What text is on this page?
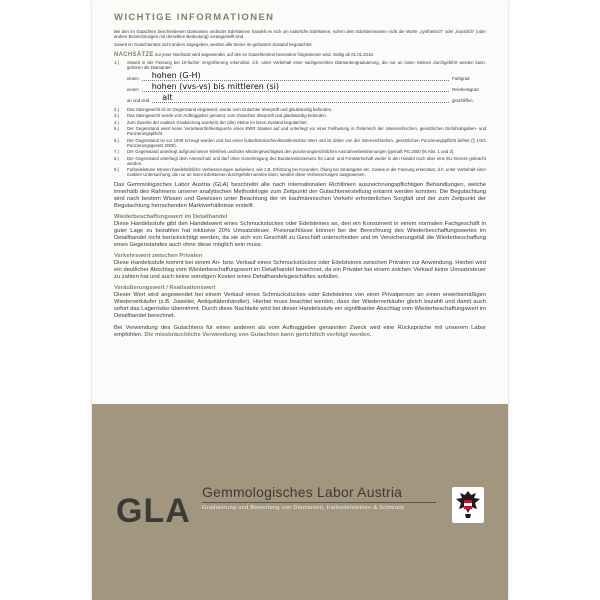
WICHTIGE INFORMATIONEN

Bei den im Gutachten beschriebenen Diamanten und/oder Edelsteinen handelt es sich um natürliche Edelsteine, sofern dem Edelsteinnamen nicht die Worte „synthetisch“ oder „künstlich“ (oder andere Bezeichnungen mit derselben Bedeutung) vorangestellt sind.

Soweit im Gutachtentext nicht anders angegeben, werden alle Steine im gefassten Zustand begutachtet.

NACHSÄTZE nur jener Nachsatz wird angewendet, auf den im Gutachtentext besonders hingewiesen wird. Gültig ab 01.01.2018.
1.)	Soweit in der Fassung bei 10-facher Vergrößerung erkennbar, d.h. unter Vorbehalt einer sachgerechten Diamantengraduierung, die nur an losen Steinen durchgeführt werden kann, gehören die Diamanten
einem hohen (G-H)	Farbgrad
einem hohen (vvs-vs) bis mittleren (si)	Reinheitsgrad
an und sind alt	geschliffen.
2.)	Das Steingewicht ist im Gegenstand eingraviert, wurde vom Gutachter überprüft und glaubwürdig befunden.
3.)	Das Steingewicht wurde vom Auftraggeber genannt, vom Gutachter überprüft und glaubwürdig befunden.
4.)	Zum Zwecke der exakten Graduierung wurde(n) der (die) Steine im losen Zustand begutachtet.
5.)	Der Gegenstand weist keine Verantwortlichkeitspunze eines EWR Staates auf und unterliegt vor einer Feilbietung in Österreich der österreichischen, gesetzlichen Einfuhrabgaben- und Punzierungspflicht.
6.)	Der Gegenstand ist vor 1938 erzeugt worden und hat einen kulturhistorischen/künstlerischen Wert und ist daher von der österreichischen, gesetzlichen Punzierungspflicht befreit (§ 1/3/1 Punzierungsgesetz 2000).
7.)	Der Gegenstand unterliegt aufgrund seiner Kleinheit und/oder Mindergewichtigkeit den punzierungsrechtlichen Ausnahmebestimmungen (gemäß PG 2000 §6 Abs. 1 und 2).
8.)	Der Gegenstand unterliegt dem Artenschutz und darf ohne Genehmigung des Bundesministeriums für Land- und Forstwirtschaft weder in den Handel noch über eine EU-Grenze gebracht werden.
9.)	Farbedelsteine können handelsübliche Verbesserungen aufweisen, wie z.B. Erhitzung bei Korunden, Ölung bei Smaragden etc. Soweit in der Fassung erkennbar, d.h. unter Vorbehalt einer exakten Untersuchung, die nur an losen Edelsteinen durchgeführt werden kann, werden diese Verbesserungen ausgewiesen.

Das Gemmologisches Labor Austria (GLA) beschreibt alle nach internationalen Richtlinien auszeichnungspflichtigen Behandlungen, welche innerhalb des Rahmens unserer analytischen Methodologie zum Zeitpunkt der Gutachtenerstellung erkannt werden konnten. Die Begutachtung wird nach bestem Wissen und Gewissen unter Beachtung der im kaufmännischen Verkehr erforderlichen Sorgfalt und der zum Zeitpunkt der Begutachtung herrschenden Marktverhältnisse erstellt.

Wiederbeschaffungswert im Detailhandel

Diese Handelsstufe gibt den Handelswert eines Schmuckstückes oder Edelsteines an, den ein Konsument in einem normalen Fachgeschäft in guter Lage zu bezahlen hat inklusive 20% Umsatzsteuer. Preisnachlässe können bei der Berechnung des Wiederbeschaffungswertes im Detailhandel nicht berücksichtigt werden, da sie sich von Geschäft zu Geschäft unterscheiden und im Versicherungsfall die Wiederbeschaffung eines Gegenstandes auch ohne diese möglich sein muss.

Verkehrswert zwischen Privaten

Diese Handelsstufe kommt bei einem An- bzw. Verkauf eines Schmuckstückes oder Edelsteines zwischen Privaten zur Anwendung. Hierbei wird ein deutlicher Abschlag vom Wiederbeschaffungswert im Detailhandel berechnet, da ein Privater bei einem solchen Verkauf keine Umsatzsteuer zu zahlen hat und auch keine sonstigen Kosten eines Detailhandelsgeschäftes anfallen.

Veräußerungswert / Realisationswert

Dieser Wert wird angewendet bei einem Verkauf eines Schmuckstückes oder Edelsteines von einer Privatperson an einen erwerbsmäßigen Wiederverkäufer (z.B. Juwelier, Antiquitätenhändler). Hierbei muss beachtet werden, dass der Wiederverkäufer gleich bezahlt und damit auch sofort das Lagerrisiko übernimmt. Durch diese Nachteile wird bei dieser Handelsstufe ein signifikanter Abschlag vom Wiederbeschaffungswert im Detailhandel berechnet.

Bei Verwendung des Gutachtens für einen anderen als vom Auftraggeber genannten Zweck wird eine Rückspräche mit unserem Labor empfohlen. Die missbräuchliche Verwendung von Gutachten kann gerichtlich verfolgt werden.

GLA Gemmologisches Labor Austria
Graduierung und Bewertung von Diamanten, Farbedelsteinen & Schmuck
